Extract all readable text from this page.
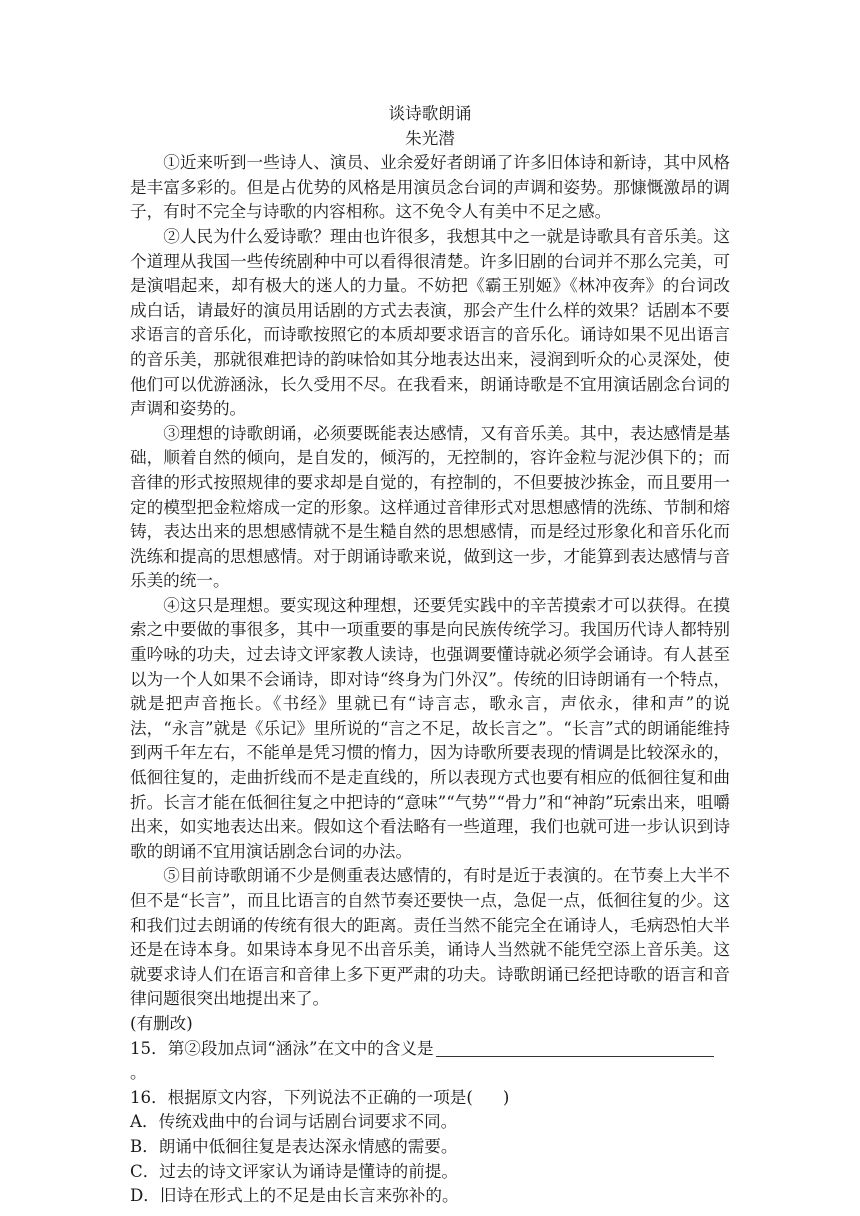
谈诗歌朗诵

朱光潜

①近来听到一些诗人、演员、业余爱好者朗诵了许多旧体诗和新诗，其中风格是丰富多彩的。但是占优势的风格是用演员念台词的声调和姿势。那慷慨激昂的调子，有时不完全与诗歌的内容相称。这不免令人有美中不足之感。

②人民为什么爱诗歌？理由也许很多，我想其中之一就是诗歌具有音乐美。这个道理从我国一些传统剧种中可以看得很清楚。许多旧剧的台词并不那么完美，可是演唱起来，却有极大的迷人的力量。不妨把《霸王别姬》《林冲夜奔》的台词改成白话，请最好的演员用话剧的方式去表演，那会产生什么样的效果？话剧本不要求语言的音乐化，而诗歌按照它的本质却要求语言的音乐化。诵诗如果不见出语言的音乐美，那就很难把诗的韵味恰如其分地表达出来，浸润到听众的心灵深处，使他们可以优游涵泳，长久受用不尽。在我看来，朗诵诗歌是不宜用演话剧念台词的声调和姿势的。

③理想的诗歌朗诵，必须要既能表达感情，又有音乐美。其中，表达感情是基础，顺着自然的倾向，是自发的，倾泻的，无控制的，容许金粒与泥沙俱下的；而音律的形式按照规律的要求却是自觉的，有控制的，不但要披沙拣金，而且要用一定的模型把金粒熔成一定的形象。这样通过音律形式对思想感情的洗练、节制和熔铸，表达出来的思想感情就不是生糙自然的思想感情，而是经过形象化和音乐化而洗练和提高的思想感情。对于朗诵诗歌来说，做到这一步，才能算到表达感情与音乐美的统一。

④这只是理想。要实现这种理想，还要凭实践中的辛苦摸索才可以获得。在摸索之中要做的事很多，其中一项重要的事是向民族传统学习。我国历代诗人都特别重吟咏的功夫，过去诗文评家教人读诗，也强调要懂诗就必须学会诵诗。有人甚至以为一个人如果不会诵诗，即对诗“终身为门外汉”。传统的旧诗朗诵有一个特点，就是把声音拖长。《书经》里就已有“诗言志，歌永言，声依永，律和声”的说法，“永言”就是《乐记》里所说的“言之不足，故长言之”。“长言”式的朗诵能维持到两千年左右，不能单是凭习惯的惰力，因为诗歌所要表现的情调是比较深永的，低徊往复的，走曲折线而不是走直线的，所以表现方式也要有相应的低徊往复和曲折。长言才能在低徊往复之中把诗的“意味”“气势”“骨力”和“神韵”玩索出来，咀嚼出来，如实地表达出来。假如这个看法略有一些道理，我们也就可进一步认识到诗歌的朗诵不宜用演话剧念台词的办法。

⑤目前诗歌朗诵不少是侧重表达感情的，有时是近于表演的。在节奏上大半不但不是“长言”，而且比语言的自然节奏还要快一点，急促一点，低徊往复的少。这和我们过去朗诵的传统有很大的距离。责任当然不能完全在诵诗人，毛病恐怕大半还是在诗本身。如果诗本身见不出音乐美，诵诗人当然就不能凭空添上音乐美。这就要求诗人们在语言和音律上多下更严肃的功夫。诗歌朗诵已经把诗歌的语言和音律问题很突出地提出来了。

(有删改)

15．第②段加点词“涵泳”在文中的含义是。

16．根据原文内容，下列说法不正确的一项是( )

A．传统戏曲中的台词与话剧台词要求不同。

B．朗诵中低徊往复是表达深永情感的需要。

C．过去的诗文评家认为诵诗是懂诗的前提。

D．旧诗在形式上的不足是由长言来弥补的。
